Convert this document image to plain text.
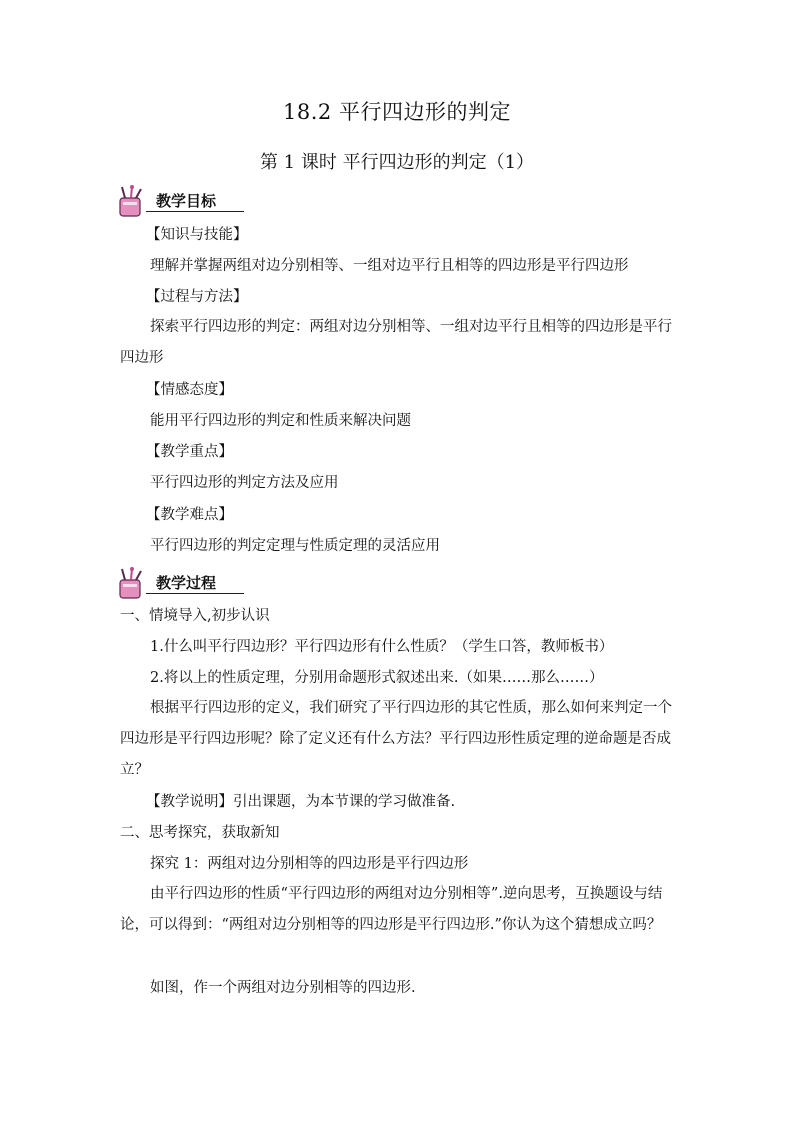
18.2 平行四边形的判定
第 1 课时 平行四边形的判定（1）
教学目标
【知识与技能】
理解并掌握两组对边分别相等、一组对边平行且相等的四边形是平行四边形
【过程与方法】
探索平行四边形的判定：两组对边分别相等、一组对边平行且相等的四边形是平行四边形
【情感态度】
能用平行四边形的判定和性质来解决问题
【教学重点】
平行四边形的判定方法及应用
【教学难点】
平行四边形的判定定理与性质定理的灵活应用
教学过程
一、情境导入,初步认识
1.什么叫平行四边形？平行四边形有什么性质？（学生口答，教师板书）
2.将以上的性质定理，分别用命题形式叙述出来.（如果……那么……）
根据平行四边形的定义，我们研究了平行四边形的其它性质，那么如何来判定一个四边形是平行四边形呢？除了定义还有什么方法？平行四边形性质定理的逆命题是否成立？
【教学说明】引出课题，为本节课的学习做准备.
二、思考探究，获取新知
探究 1：两组对边分别相等的四边形是平行四边形
由平行四边形的性质“平行四边形的两组对边分别相等”.逆向思考，互换题设与结论，可以得到：“两组对边分别相等的四边形是平行四边形.”你认为这个猜想成立吗？
如图，作一个两组对边分别相等的四边形.
